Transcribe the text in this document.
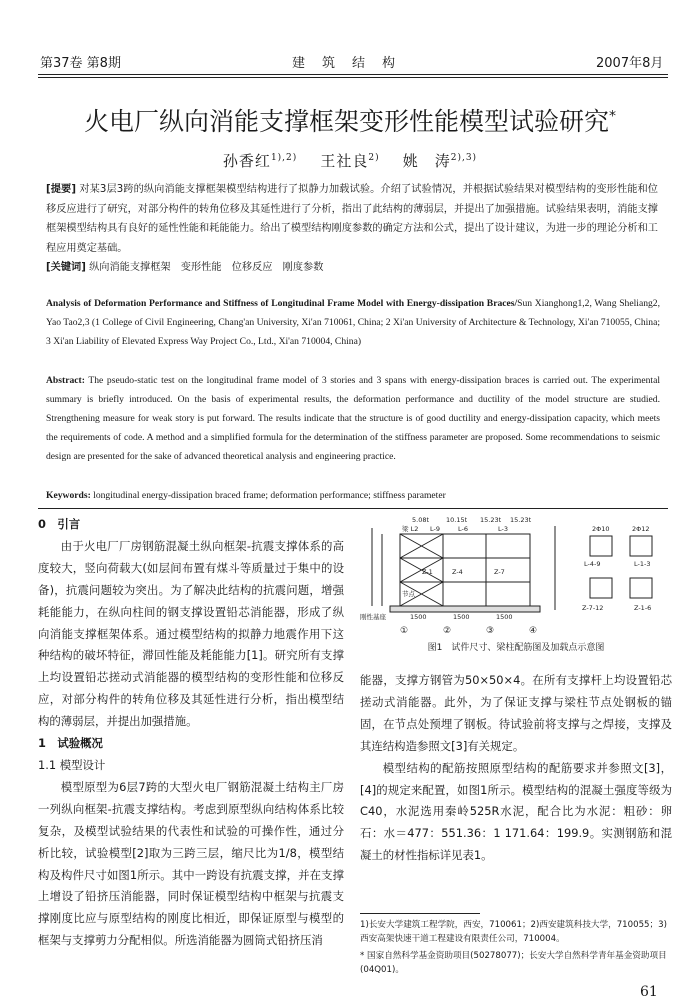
第37卷 第8期	建　筑　结　构	2007年8月
火电厂纵向消能支撑框架变形性能模型试验研究*
孙香红$^{1),2)}$ 王社良$^{2)}$ 姚　涛$^{2),3)}$
[提要] 对某3层3跨的纵向消能支撑框架模型结构进行了拟静力加载试验。介绍了试验情况，并根据试验结果对模型结构的变形性能和位移反应进行了研究，对部分构件的转角位移及其延性进行了分析，指出了此结构的薄弱层，并提出了加强措施。试验结果表明，消能支撑框架模型结构具有良好的延性性能和耗能能力。给出了模型结构刚度参数的确定方法和公式，提出了设计建议，为进一步的理论分析和工程应用奠定基础。
[关键词] 纵向消能支撑框架　变形性能　位移反应　刚度参数
Analysis of Deformation Performance and Stiffness of Longitudinal Frame Model with Energy-dissipation Braces/Sun Xianghong1,2, Wang Sheliang2, Yao Tao2,3 (1 College of Civil Engineering, Chang'an University, Xi'an 710061, China; 2 Xi'an University of Architecture & Technology, Xi'an 710055, China; 3 Xi'an Liability of Elevated Express Way Project Co., Ltd., Xi'an 710004, China)
Abstract: The pseudo-static test on the longitudinal frame model of 3 stories and 3 spans with energy-dissipation braces is carried out. The experimental summary is briefly introduced. On the basis of experimental results, the deformation performance and ductility of the model structure are studied. Strengthening measure for weak story is put forward. The results indicate that the structure is of good ductility and energy-dissipation capacity, which meets the requirements of code. A method and a simplified formula for the determination of the stiffness parameter are proposed. Some recommendations to seismic design are presented for the sake of advanced theoretical analysis and engineering practice.
Keywords: longitudinal energy-dissipation braced frame; deformation performance; stiffness parameter

0　引言

由于火电厂厂房钢筋混凝土纵向框架-抗震支撑体系的高度较大，竖向荷载大(如层间布置有煤斗等质量过于集中的设备)，抗震问题较为突出。为了解决此结构的抗震问题，增强耗能能力，在纵向柱间的钢支撑设置铅芯消能器，形成了纵向消能支撑框架体系。通过模型结构的拟静力地震作用下这种结构的破坏特征，滞回性能及耗能能力[1]。研究所有支撑上均设置铅芯搓动式消能器的模型结构的变形性能和位移反应，对部分构件的转角位移及其延性进行分析，指出模型结构的薄弱层，并提出加强措施。

1　试验概况

1.1 模型设计

模型原型为6层7跨的大型火电厂钢筋混凝土结构主厂房一列纵向框架-抗震支撑结构。考虑到原型纵向结构体系比较复杂，及模型试验结果的代表性和试验的可操作性，通过分析比较，试验模型[2]取为三跨三层，缩尺比为1/8，模型结构及构件尺寸如图1所示。其中一跨设有抗震支撑，并在支撑上增设了铅挤压消能器，同时保证模型结构中框架与抗震支撑刚度比应与原型结构的刚度比相近，即保证原型与模型的框架与支撑剪力分配相似。所选消能器为圆筒式铅挤压消

5.08t	10.15t 15.23t 15.23t
梁 L2 L-9	L-6	L-3
节点
Z-1	Z-4	Z-7
1500	1500	1500
刚性基座
2Φ10	2Φ12
L-4-9	L-1-3
Z-7-12	Z-1-6
①	②	③	④
图1　试件尺寸、梁柱配筋图及加载点示意图

能器，支撑方钢管为50×50×4。在所有支撑杆上均设置铅芯搓动式消能器。此外，为了保证支撑与梁柱节点处钢板的锚固，在节点处预埋了钢板。待试验前将支撑与之焊接，支撑及其连结构造参照文[3]有关规定。

模型结构的配筋按照原型结构的配筋要求并参照文[3]，[4]的规定来配置，如图1所示。模型结构的混凝土强度等级为C40，水泥选用秦岭525R水泥，配合比为水泥：粗砂：卵石：水＝477：551.36：1 171.64：199.9。实测钢筋和混凝土的材性指标详见表1。

1)长安大学建筑工程学院，西安，710061；2)西安建筑科技大学，710055；3)西安高架快速干道工程建设有限责任公司，710004。
* 国家自然科学基金资助项目(50278077)；长安大学自然科学青年基金资助项目(04Q01)。
61
